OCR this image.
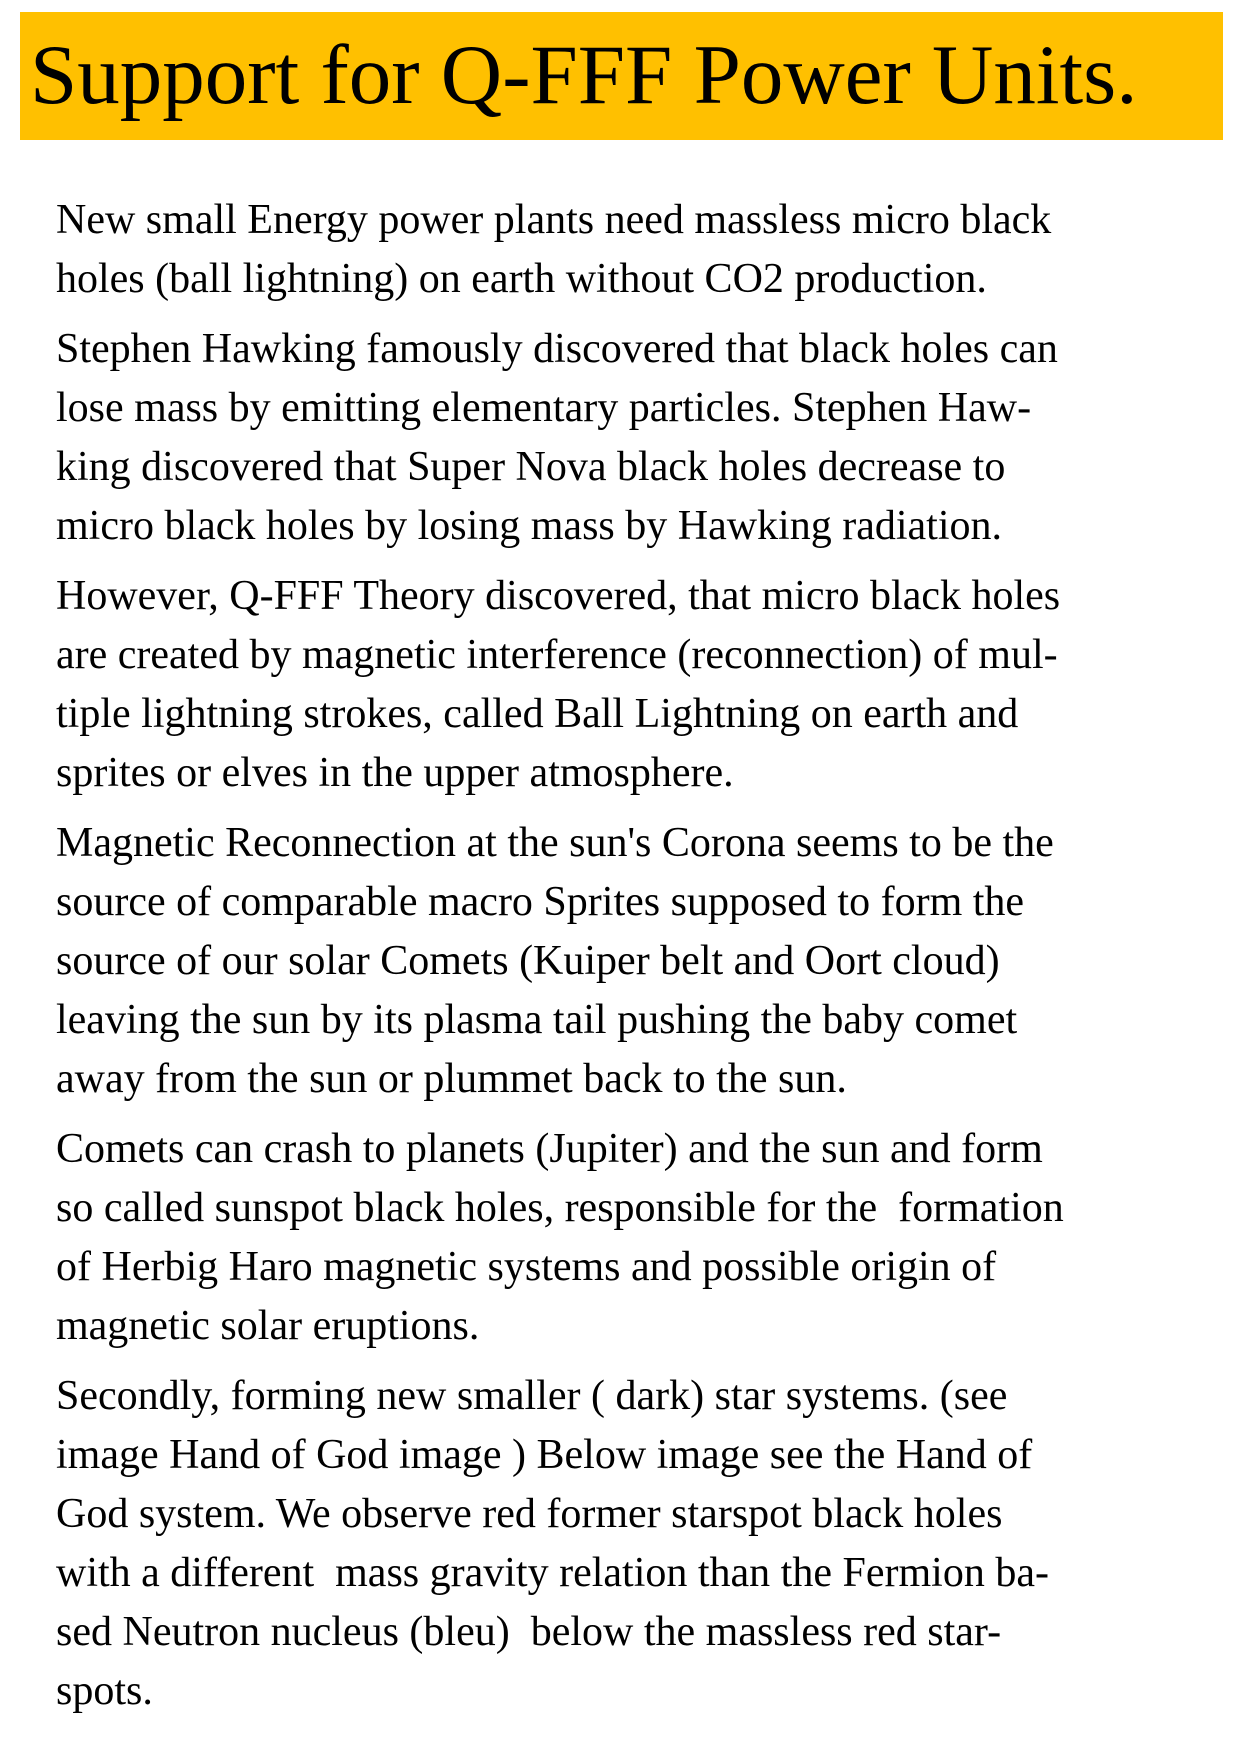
Support for Q-FFF Power Units.

New small Energy power plants need massless micro black
holes (ball lightning) on earth without CO2 production.

Stephen Hawking famously discovered that black holes can
lose mass by emitting elementary particles. Stephen Haw-
king discovered that Super Nova black holes decrease to
micro black holes by losing mass by Hawking radiation.

However, Q-FFF Theory discovered, that micro black holes
are created by magnetic interference (reconnection) of mul-
tiple lightning strokes, called Ball Lightning on earth and
sprites or elves in the upper atmosphere.

Magnetic Reconnection at the sun's Corona seems to be the
source of comparable macro Sprites supposed to form the
source of our solar Comets (Kuiper belt and Oort cloud)
leaving the sun by its plasma tail pushing the baby comet
away from the sun or plummet back to the sun.

Comets can crash to planets (Jupiter) and the sun and form
so called sunspot black holes, responsible for the  formation
of Herbig Haro magnetic systems and possible origin of
magnetic solar eruptions.

Secondly, forming new smaller ( dark) star systems. (see
image Hand of God image ) Below image see the Hand of
God system. We observe red former starspot black holes
with a different  mass gravity relation than the Fermion ba-
sed Neutron nucleus (bleu)  below the massless red star-
spots.
